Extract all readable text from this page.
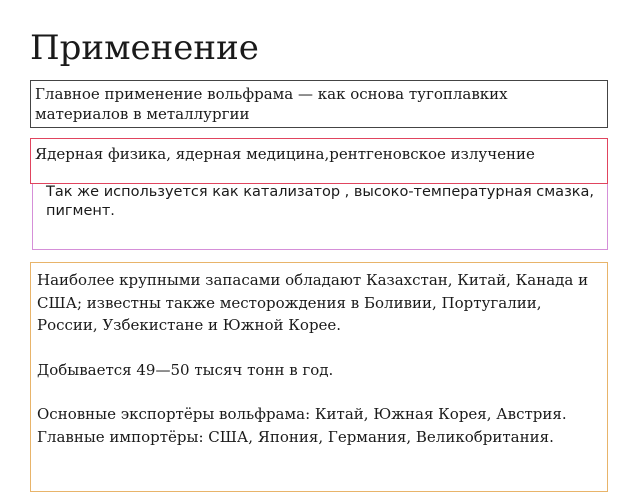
Применение

Главное применение вольфрама — как основа тугоплавких материалов в металлургии

Так же используется как катализатор , высоко-температурная смазка, пигмент.

Ядерная физика, ядерная медицина,рентгеновское излучение

Наиболее крупными запасами обладают Казахстан, Китай, Канада и США; известны также месторождения в Боливии, Португалии, России, Узбекистане и Южной Корее.

Добывается 49—50 тысяч тонн в год.

Основные экспортёры вольфрама: Китай, Южная Корея, Австрия. Главные импортёры: США, Япония, Германия, Великобритания.
